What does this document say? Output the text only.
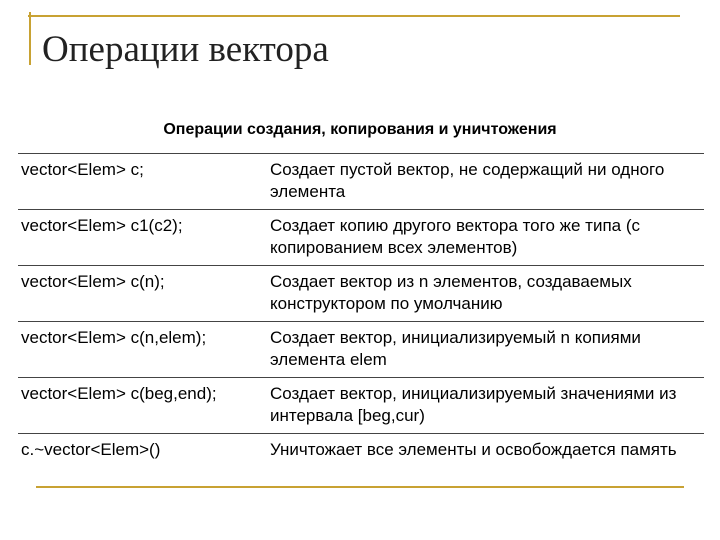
Операции вектора
Операции создания, копирования и уничтожения
vector<Elem> c;	Создает пустой вектор, не содержащий ни одного элемента
vector<Elem> c1(c2);	Создает копию другого вектора того же типа (с копированием всех элементов)
vector<Elem> c(n);	Создает вектор из n элементов, создаваемых конструктором по умолчанию
vector<Elem> c(n,elem);	Создает вектор, инициализируемый n копиями элемента elem
vector<Elem> c(beg,end);	Создает вектор, инициализируемый значениями из интервала [beg,cur)
c.~vector<Elem>()	Уничтожает все элементы и освобождается память
